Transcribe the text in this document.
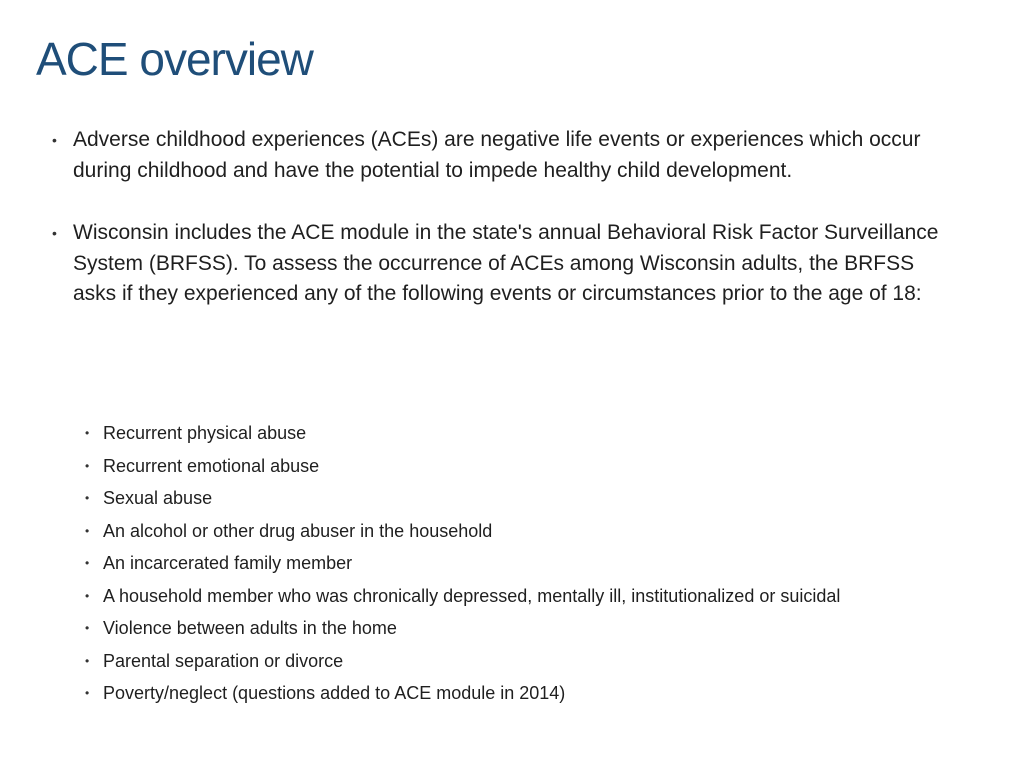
ACE overview
• Adverse childhood experiences (ACEs) are negative life events or experiences which occur during childhood and have the potential to impede healthy child development.
• Wisconsin includes the ACE module in the state's annual Behavioral Risk Factor Surveillance System (BRFSS). To assess the occurrence of ACEs among Wisconsin adults, the BRFSS asks if they experienced any of the following events or circumstances prior to the age of 18:
• Recurrent physical abuse
• Recurrent emotional abuse
• Sexual abuse
• An alcohol or other drug abuser in the household
• An incarcerated family member
• A household member who was chronically depressed, mentally ill, institutionalized or suicidal
• Violence between adults in the home
• Parental separation or divorce
• Poverty/neglect (questions added to ACE module in 2014)
